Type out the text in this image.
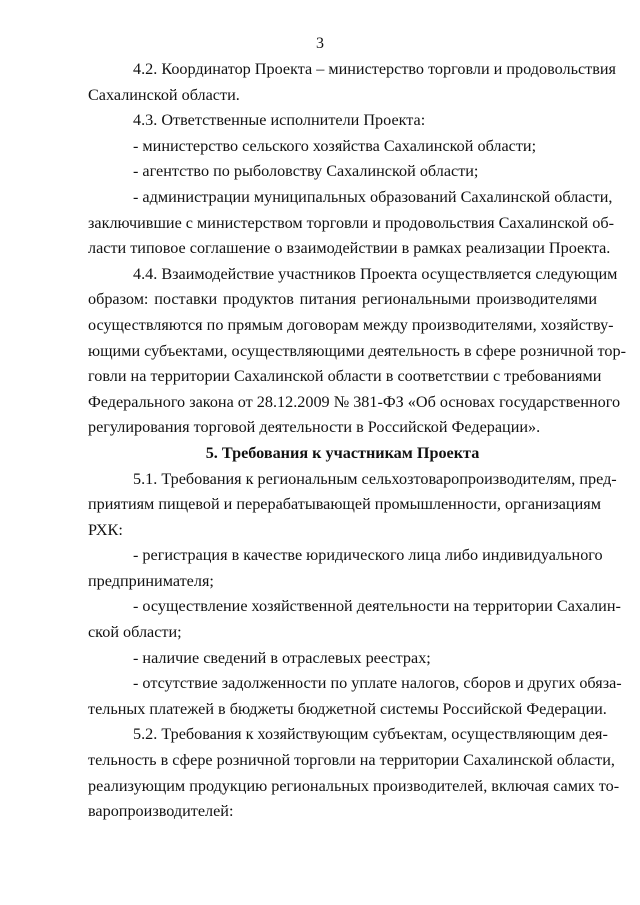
3
4.2. Координатор Проекта – министерство торговли и продовольствия
Сахалинской области.
4.3. Ответственные исполнители Проекта:
- министерство сельского хозяйства Сахалинской области;
- агентство по рыболовству Сахалинской области;
- администрации муниципальных образований Сахалинской области,
заключившие с министерством торговли и продовольствия Сахалинской об-
ласти типовое соглашение о взаимодействии в рамках реализации Проекта.
4.4. Взаимодействие участников Проекта осуществляется следующим
образом: поставки продуктов питания региональными производителями
осуществляются по прямым договорам между производителями, хозяйству-
ющими субъектами, осуществляющими деятельность в сфере розничной тор-
говли на территории Сахалинской области в соответствии с требованиями
Федерального закона от 28.12.2009 № 381-ФЗ «Об основах государственного
регулирования торговой деятельности в Российской Федерации».
5. Требования к участникам Проекта
5.1. Требования к региональным сельхозтоваропроизводителям, пред-
приятиям пищевой и перерабатывающей промышленности, организациям
РХК:
- регистрация в качестве юридического лица либо индивидуального
предпринимателя;
- осуществление хозяйственной деятельности на территории Сахалин-
ской области;
- наличие сведений в отраслевых реестрах;
- отсутствие задолженности по уплате налогов, сборов и других обяза-
тельных платежей в бюджеты бюджетной системы Российской Федерации.
5.2. Требования к хозяйствующим субъектам, осуществляющим дея-
тельность в сфере розничной торговли на территории Сахалинской области,
реализующим продукцию региональных производителей, включая самих то-
варопроизводителей:
